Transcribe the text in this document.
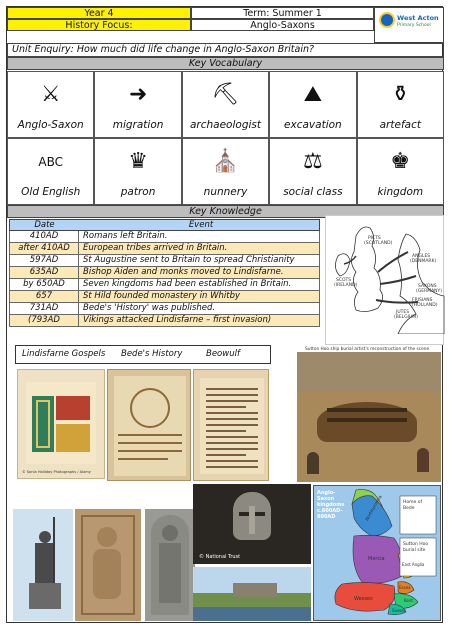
Year 4	Term: Summer 1
History Focus:	Anglo-Saxons
West Acton
Primary School
Unit Enquiry: How much did life change in Anglo-Saxon Britain?
Key Vocabulary
⚔
Anglo-Saxon
➜
migration
⛏
archaeologist
⛰
excavation
⚱
artefact
ABC
Old English
♛
patron
⛪
nunnery
⚖
social class
♚
kingdom
Key Knowledge
Date	Event
410AD	Romans left Britain.
after 410AD	European tribes arrived in Britain.
597AD	St Augustine sent to Britain to spread Christianity
635AD	Bishop Aiden and monks moved to Lindisfarne.
by 650AD	Seven kingdoms had been established in Britain.
657	St Hild founded monastery in Whitby
731AD	Bede's 'History' was published.
(793AD	Vikings attacked Lindisfarne – first invasion)
PICTS
(SCOTLAND)
ANGLES
(DENMARK)
SCOTS
(IRELAND)	SAXONS
(GERMANY)
FRISIANS
(HOLLAND)
JUTES
(BELGIUM)
Sutton Hoo ship burial artist's reconstruction of the scene
Lindisfarne Gospels Bede's History	Beowulf
© Sonia Halliday Photographs / Alamy
© National Trust
Anglo-Saxon kingdoms c.600AD-800AD	Northumbria
Mercia
Wessex
Sussex
Kent
East Anglia
Essex
Home of Bede
Sutton Hoo burial site
